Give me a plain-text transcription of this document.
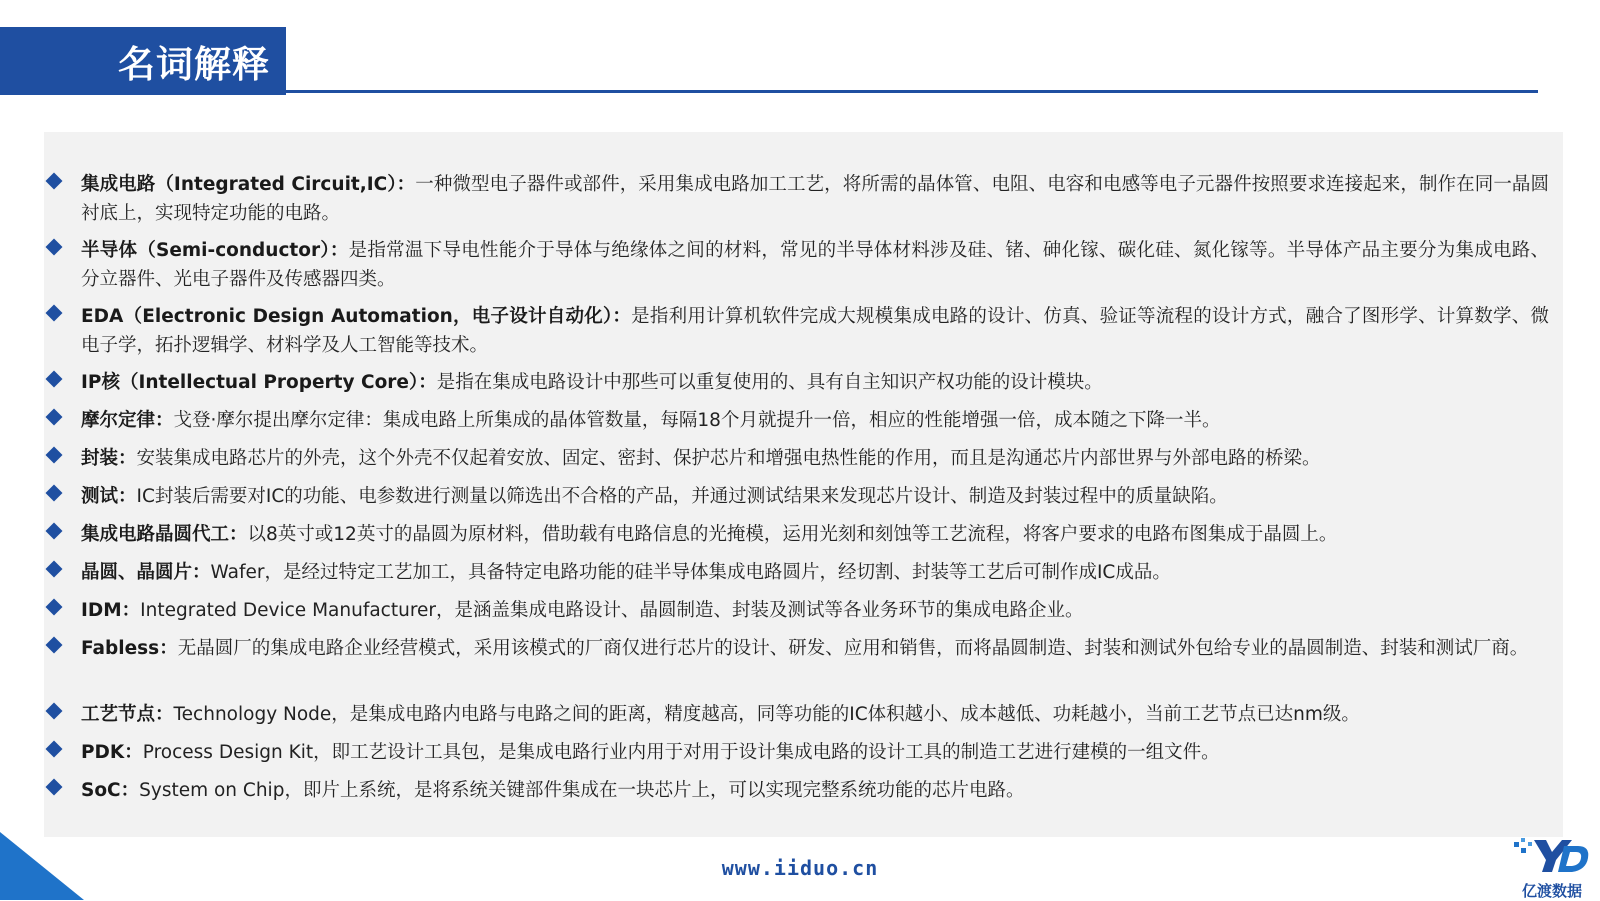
名词解释

集成电路（Integrated Circuit,IC）：一种微型电子器件或部件，采用集成电路加工工艺，将所需的晶体管、电阻、电容和电感等电子元器件按照要求连接起来，制作在同一晶圆衬底上，实现特定功能的电路。

半导体（Semi-conductor）：是指常温下导电性能介于导体与绝缘体之间的材料，常见的半导体材料涉及硅、锗、砷化镓、碳化硅、氮化镓等。半导体产品主要分为集成电路、分立器件、光电子器件及传感器四类。

EDA（Electronic Design Automation，电子设计自动化）：是指利用计算机软件完成大规模集成电路的设计、仿真、验证等流程的设计方式，融合了图形学、计算数学、微电子学，拓扑逻辑学、材料学及人工智能等技术。

IP核（Intellectual Property Core）：是指在集成电路设计中那些可以重复使用的、具有自主知识产权功能的设计模块。

摩尔定律：戈登·摩尔提出摩尔定律：集成电路上所集成的晶体管数量，每隔18个月就提升一倍，相应的性能增强一倍，成本随之下降一半。

封装：安装集成电路芯片的外壳，这个外壳不仅起着安放、固定、密封、保护芯片和增强电热性能的作用，而且是沟通芯片内部世界与外部电路的桥梁。

测试：IC封装后需要对IC的功能、电参数进行测量以筛选出不合格的产品，并通过测试结果来发现芯片设计、制造及封装过程中的质量缺陷。

集成电路晶圆代工：以8英寸或12英寸的晶圆为原材料，借助载有电路信息的光掩模，运用光刻和刻蚀等工艺流程，将客户要求的电路布图集成于晶圆上。

晶圆、晶圆片：Wafer，是经过特定工艺加工，具备特定电路功能的硅半导体集成电路圆片，经切割、封装等工艺后可制作成IC成品。

IDM：Integrated Device Manufacturer，是涵盖集成电路设计、晶圆制造、封装及测试等各业务环节的集成电路企业。

Fabless：无晶圆厂的集成电路企业经营模式，采用该模式的厂商仅进行芯片的设计、研发、应用和销售，而将晶圆制造、封装和测试外包给专业的晶圆制造、封装和测试厂商。

工艺节点：Technology Node，是集成电路内电路与电路之间的距离，精度越高，同等功能的IC体积越小、成本越低、功耗越小，当前工艺节点已达nm级。

PDK：Process Design Kit，即工艺设计工具包，是集成电路行业内用于对用于设计集成电路的设计工具的制造工艺进行建模的一组文件。

SoC：System on Chip，即片上系统，是将系统关键部件集成在一块芯片上，可以实现完整系统功能的芯片电路。

www.iiduo.cn
亿渡数据
